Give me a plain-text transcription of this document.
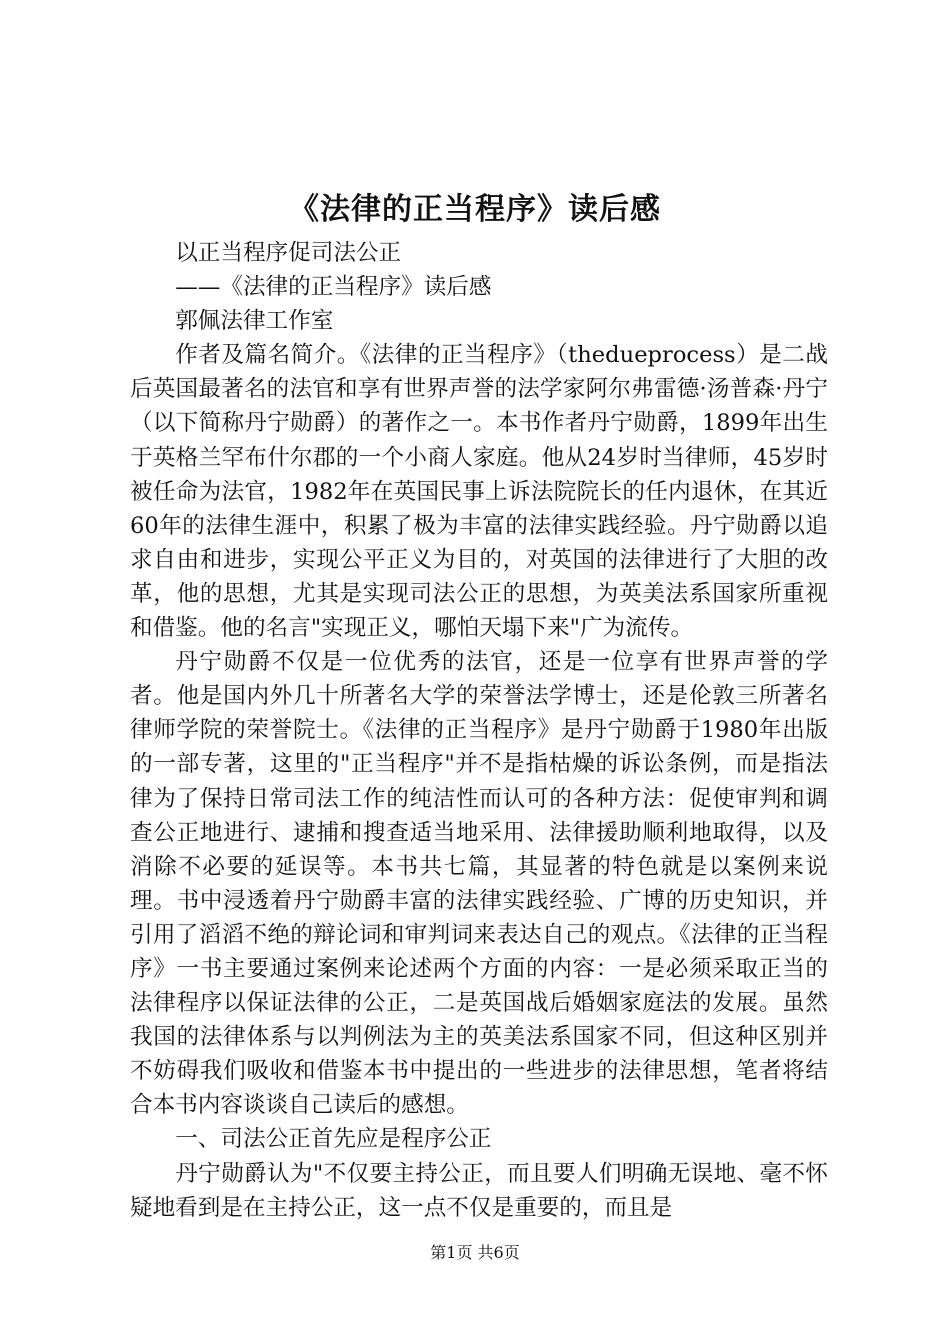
《法律的正当程序》读后感

以正当程序促司法公正

——《法律的正当程序》读后感

郭佩法律工作室

作者及篇名简介。《法律的正当程序》（thedueprocess）是二战后英国最著名的法官和享有世界声誉的法学家阿尔弗雷德·汤普森·丹宁（以下简称丹宁勋爵）的著作之一。本书作者丹宁勋爵，1899年出生于英格兰罕布什尔郡的一个小商人家庭。他从24岁时当律师，45岁时被任命为法官，1982年在英国民事上诉法院院长的任内退休，在其近60年的法律生涯中，积累了极为丰富的法律实践经验。丹宁勋爵以追求自由和进步，实现公平正义为目的，对英国的法律进行了大胆的改革，他的思想，尤其是实现司法公正的思想，为英美法系国家所重视和借鉴。他的名言"实现正义，哪怕天塌下来"广为流传。

丹宁勋爵不仅是一位优秀的法官，还是一位享有世界声誉的学者。他是国内外几十所著名大学的荣誉法学博士，还是伦敦三所著名律师学院的荣誉院士。《法律的正当程序》是丹宁勋爵于1980年出版的一部专著，这里的"正当程序"并不是指枯燥的诉讼条例，而是指法律为了保持日常司法工作的纯洁性而认可的各种方法：促使审判和调查公正地进行、逮捕和搜查适当地采用、法律援助顺利地取得，以及消除不必要的延误等。本书共七篇，其显著的特色就是以案例来说理。书中浸透着丹宁勋爵丰富的法律实践经验、广博的历史知识，并引用了滔滔不绝的辩论词和审判词来表达自己的观点。《法律的正当程序》一书主要通过案例来论述两个方面的内容：一是必须采取正当的法律程序以保证法律的公正，二是英国战后婚姻家庭法的发展。虽然我国的法律体系与以判例法为主的英美法系国家不同，但这种区别并不妨碍我们吸收和借鉴本书中提出的一些进步的法律思想，笔者将结合本书内容谈谈自己读后的感想。

一、司法公正首先应是程序公正

丹宁勋爵认为"不仅要主持公正，而且要人们明确无误地、毫不怀疑地看到是在主持公正，这一点不仅是重要的，而且是

第1页 共6页
